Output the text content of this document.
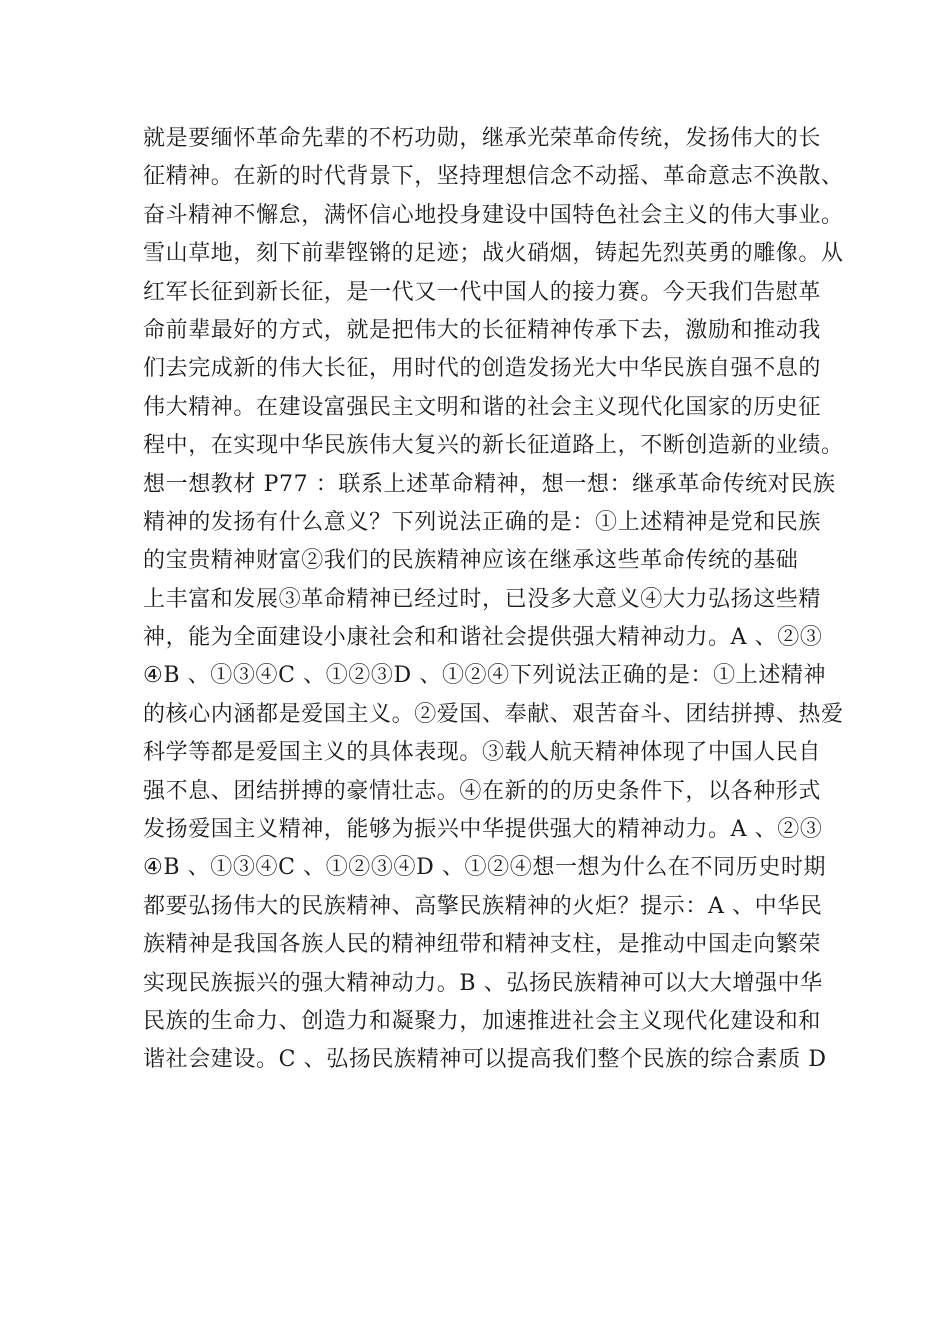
就是要缅怀革命先辈的不朽功勋，继承光荣革命传统，发扬伟大的长
征精神。在新的时代背景下，坚持理想信念不动摇、革命意志不涣散、
奋斗精神不懈怠，满怀信心地投身建设中国特色社会主义的伟大事业。
雪山草地，刻下前辈铿锵的足迹；战火硝烟，铸起先烈英勇的雕像。从
红军长征到新长征，是一代又一代中国人的接力赛。今天我们告慰革
命前辈最好的方式，就是把伟大的长征精神传承下去，激励和推动我
们去完成新的伟大长征，用时代的创造发扬光大中华民族自强不息的
伟大精神。在建设富强民主文明和谐的社会主义现代化国家的历史征
程中，在实现中华民族伟大复兴的新长征道路上，不断创造新的业绩。
想一想教材 P77 ：联系上述革命精神，想一想：继承革命传统对民族
精神的发扬有什么意义？下列说法正确的是：①上述精神是党和民族
的宝贵精神财富②我们的民族精神应该在继承这些革命传统的基础
上丰富和发展③革命精神已经过时，已没多大意义④大力弘扬这些精
神，能为全面建设小康社会和和谐社会提供强大精神动力。A 、②③
④B 、①③④C 、①②③D 、①②④下列说法正确的是：①上述精神
的核心内涵都是爱国主义。②爱国、奉献、艰苦奋斗、团结拼搏、热爱
科学等都是爱国主义的具体表现。③载人航天精神体现了中国人民自
强不息、团结拼搏的豪情壮志。④在新的的历史条件下，以各种形式
发扬爱国主义精神，能够为振兴中华提供强大的精神动力。A 、②③
④B 、①③④C 、①②③④D 、①②④想一想为什么在不同历史时期
都要弘扬伟大的民族精神、高擎民族精神的火炬？提示：A 、中华民
族精神是我国各族人民的精神纽带和精神支柱，是推动中国走向繁荣
实现民族振兴的强大精神动力。B 、弘扬民族精神可以大大增强中华
民族的生命力、创造力和凝聚力，加速推进社会主义现代化建设和和
谐社会建设。C 、弘扬民族精神可以提高我们整个民族的综合素质 D
